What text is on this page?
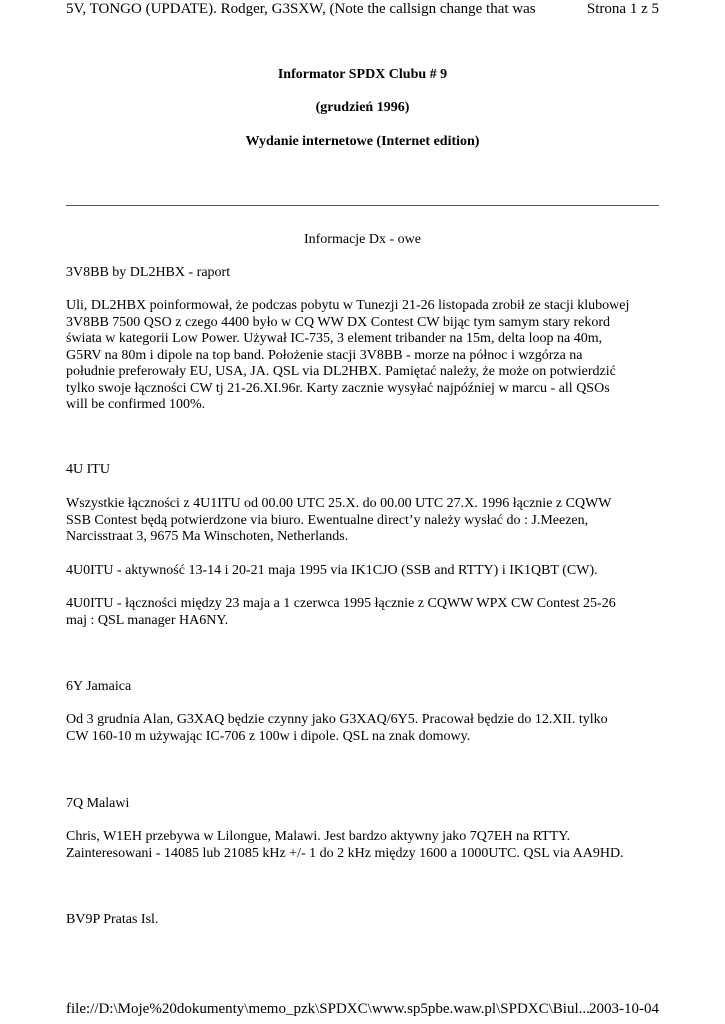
5V, TONGO (UPDATE). Rodger, G3SXW, (Note the callsign change that was	Strona 1 z 5
Informator SPDX Clubu # 9
(grudzień 1996)
Wydanie internetowe (Internet edition)
Informacje Dx - owe
3V8BB by DL2HBX - raport
Uli, DL2HBX poinformował, że podczas pobytu w Tunezji 21-26 listopada zrobił ze stacji klubowej
3V8BB 7500 QSO z czego 4400 było w CQ WW DX Contest CW bijąc tym samym stary rekord
świata w kategorii Low Power. Używał IC-735, 3 element tribander na 15m, delta loop na 40m,
G5RV na 80m i dipole na top band. Położenie stacji 3V8BB - morze na północ i wzgórza na
południe preferowały EU, USA, JA. QSL via DL2HBX. Pamiętać należy, że może on potwierdzić
tylko swoje łączności CW tj 21-26.XI.96r. Karty zacznie wysyłać najpóźniej w marcu - all QSOs
will be confirmed 100%.
4U ITU
Wszystkie łączności z 4U1ITU od 00.00 UTC 25.X. do 00.00 UTC 27.X. 1996 łącznie z CQWW
SSB Contest będą potwierdzone via biuro. Ewentualne direct’y należy wysłać do : J.Meezen,
Narcisstraat 3, 9675 Ma Winschoten, Netherlands.
4U0ITU - aktywność 13-14 i 20-21 maja 1995 via IK1CJO (SSB and RTTY) i IK1QBT (CW).
4U0ITU - łączności między 23 maja a 1 czerwca 1995 łącznie z CQWW WPX CW Contest 25-26
maj : QSL manager HA6NY.
6Y Jamaica
Od 3 grudnia Alan, G3XAQ będzie czynny jako G3XAQ/6Y5. Pracował będzie do 12.XII. tylko
CW 160-10 m używając IC-706 z 100w i dipole. QSL na znak domowy.
7Q Malawi
Chris, W1EH przebywa w Lilongue, Malawi. Jest bardzo aktywny jako 7Q7EH na RTTY.
Zainteresowani - 14085 lub 21085 kHz +/- 1 do 2 kHz między 1600 a 1000UTC. QSL via AA9HD.
BV9P Pratas Isl.
file://D:\Moje%20dokumenty\memo_pzk\SPDXC\www.sp5pbe.waw.pl\SPDXC\Biul... 2003-10-04
